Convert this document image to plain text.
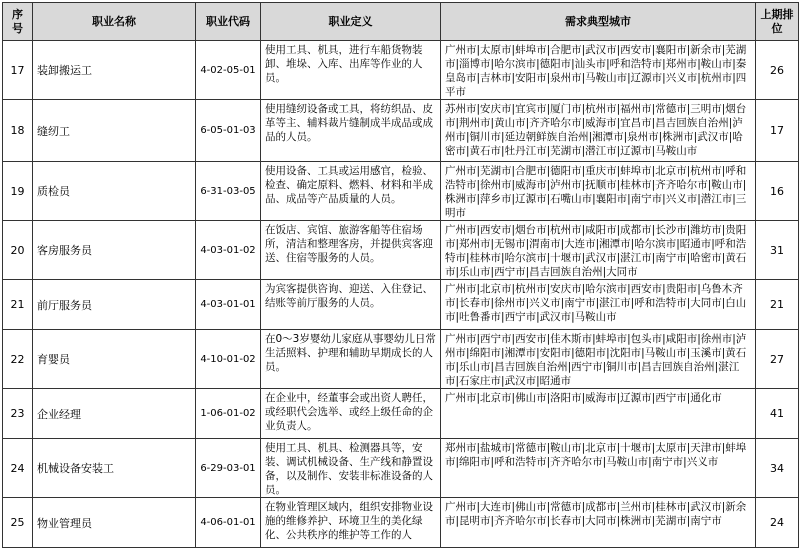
序号	职业名称	职业代码	职业定义	需求典型城市	上期排位
17	装卸搬运工	4-02-05-01	使用工具、机具，进行车船货物装卸、堆垛、入库、出库等作业的人员。	广州市|太原市|蚌埠市|合肥市|武汉市|西安市|襄阳市|新余市|芜湖市|淄博市|哈尔滨市|德阳市|汕头市|呼和浩特市|郑州市|鞍山市|秦皇岛市|吉林市|安阳市|泉州市|马鞍山市|辽源市|兴义市|杭州市|四平市	26
18	缝纫工	6-05-01-03	使用缝纫设备或工具，将纺织品、皮革等主、辅料裁片缝制成半成品或成品的人员。	苏州市|安庆市|宜宾市|厦门市|杭州市|福州市|常德市|三明市|烟台市|荆州市|黄山市|齐齐哈尔市|威海市|宜昌市|昌吉回族自治州|泸州市|铜川市|延边朝鲜族自治州|湘潭市|泉州市|株洲市|武汉市|哈密市|黄石市|牡丹江市|芜湖市|潜江市|辽源市|马鞍山市	17
19	质检员	6-31-03-05	使用设备、工具或运用感官，检验、检查、确定原料、燃料、材料和半成品、成品等产品质量的人员。	广州市|芜湖市|合肥市|德阳市|重庆市|蚌埠市|北京市|杭州市|呼和浩特市|徐州市|威海市|泸州市|抚顺市|桂林市|齐齐哈尔市|鞍山市|株洲市|萍乡市|辽源市|石嘴山市|襄阳市|南宁市|兴义市|潜江市|三明市	16
20	客房服务员	4-03-01-02	在饭店、宾馆、旅游客船等住宿场所，清洁和整理客房，并提供宾客迎送、住宿等服务的人员。	广州市|西安市|烟台市|杭州市|咸阳市|成都市|长沙市|潍坊市|贵阳市|郑州市|无锡市|渭南市|大连市|湘潭市|哈尔滨市|昭通市|呼和浩特市|桂林市|哈尔滨市|十堰市|武汉市|湛江市|南宁市|哈密市|黄石市|乐山市|西宁市|昌吉回族自治州|大同市	31
21	前厅服务员	4-03-01-01	为宾客提供咨询、迎送、入住登记、结账等前厅服务的人员。	广州市|北京市|杭州市|安庆市|哈尔滨市|西安市|贵阳市|乌鲁木齐市|长春市|徐州市|兴义市|南宁市|湛江市|呼和浩特市|大同市|白山市|吐鲁番市|西宁市|武汉市|马鞍山市	21
22	育婴员	4-10-01-02	在0～3岁婴幼儿家庭从事婴幼儿日常生活照料、护理和辅助早期成长的人员。	广州市|西宁市|西安市|佳木斯市|蚌埠市|包头市|咸阳市|徐州市|泸州市|绵阳市|湘潭市|安阳市|德阳市|沈阳市|马鞍山市|玉溪市|黄石市|乐山市|昌吉回族自治州|西宁市|铜川市|昌吉回族自治州|湛江市|石家庄市|武汉市|昭通市	27
23	企业经理	1-06-01-02	在企业中，经董事会或出资人聘任，或经职代会选举、或经上级任命的企业负责人。	广州市|北京市|佛山市|洛阳市|威海市|辽源市|西宁市|通化市	41
24	机械设备安装工	6-29-03-01	使用工具、机具、检测器具等，安装、调试机械设备、生产线和静置设备，以及制作、安装非标准设备的人员。	郑州市|盐城市|常德市|鞍山市|北京市|十堰市|太原市|天津市|蚌埠市|绵阳市|呼和浩特市|齐齐哈尔市|马鞍山市|南宁市|兴义市	34
25	物业管理员	4-06-01-01	在物业管理区域内，组织安排物业设施的维修养护、环境卫生的美化绿化、公共秩序的维护等工作的人	广州市|大连市|佛山市|常德市|成都市|兰州市|桂林市|武汉市|新余市|昆明市|齐齐哈尔市|长春市|大同市|株洲市|芜湖市|南宁市	24
